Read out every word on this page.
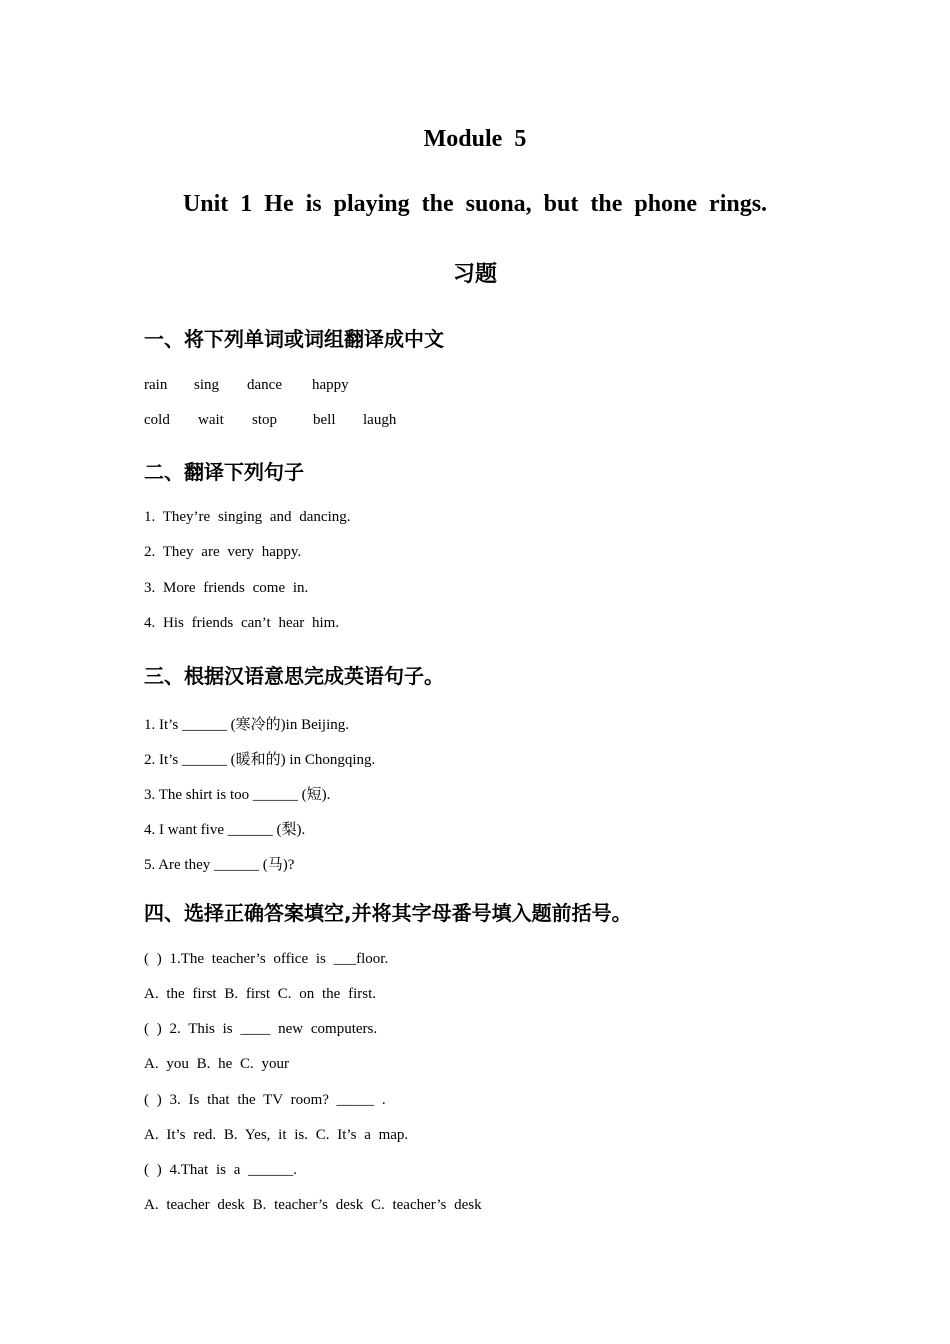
Module 5
Unit 1 He is playing the suona, but the phone rings.
习题
一、将下列单词或词组翻译成中文
rain sing dance happy
cold wait stop bell laugh
二、翻译下列句子
1. They’re singing and dancing.
2. They are very happy.
3. More friends come in.
4. His friends can’t hear him.
三、根据汉语意思完成英语句子。
1. It’s ______ (寒冷的)in Beijing.
2. It’s ______ (暖和的) in Chongqing.
3. The shirt is too ______ (短).
4. I want five ______ (梨).
5. Are they ______ (马)?
四、选择正确答案填空,并将其字母番号填入题前括号。
( ) 1.The teacher’s office is ___floor.
A. the first B. first C. on the first.
( ) 2. This is ____ new computers.
A. you B. he C. your
( ) 3. Is that the TV room? _____ .
A. It’s red. B. Yes, it is. C. It’s a map.
( ) 4.That is a ______.
A. teacher desk B. teacher’s desk C. teacher’s desk
